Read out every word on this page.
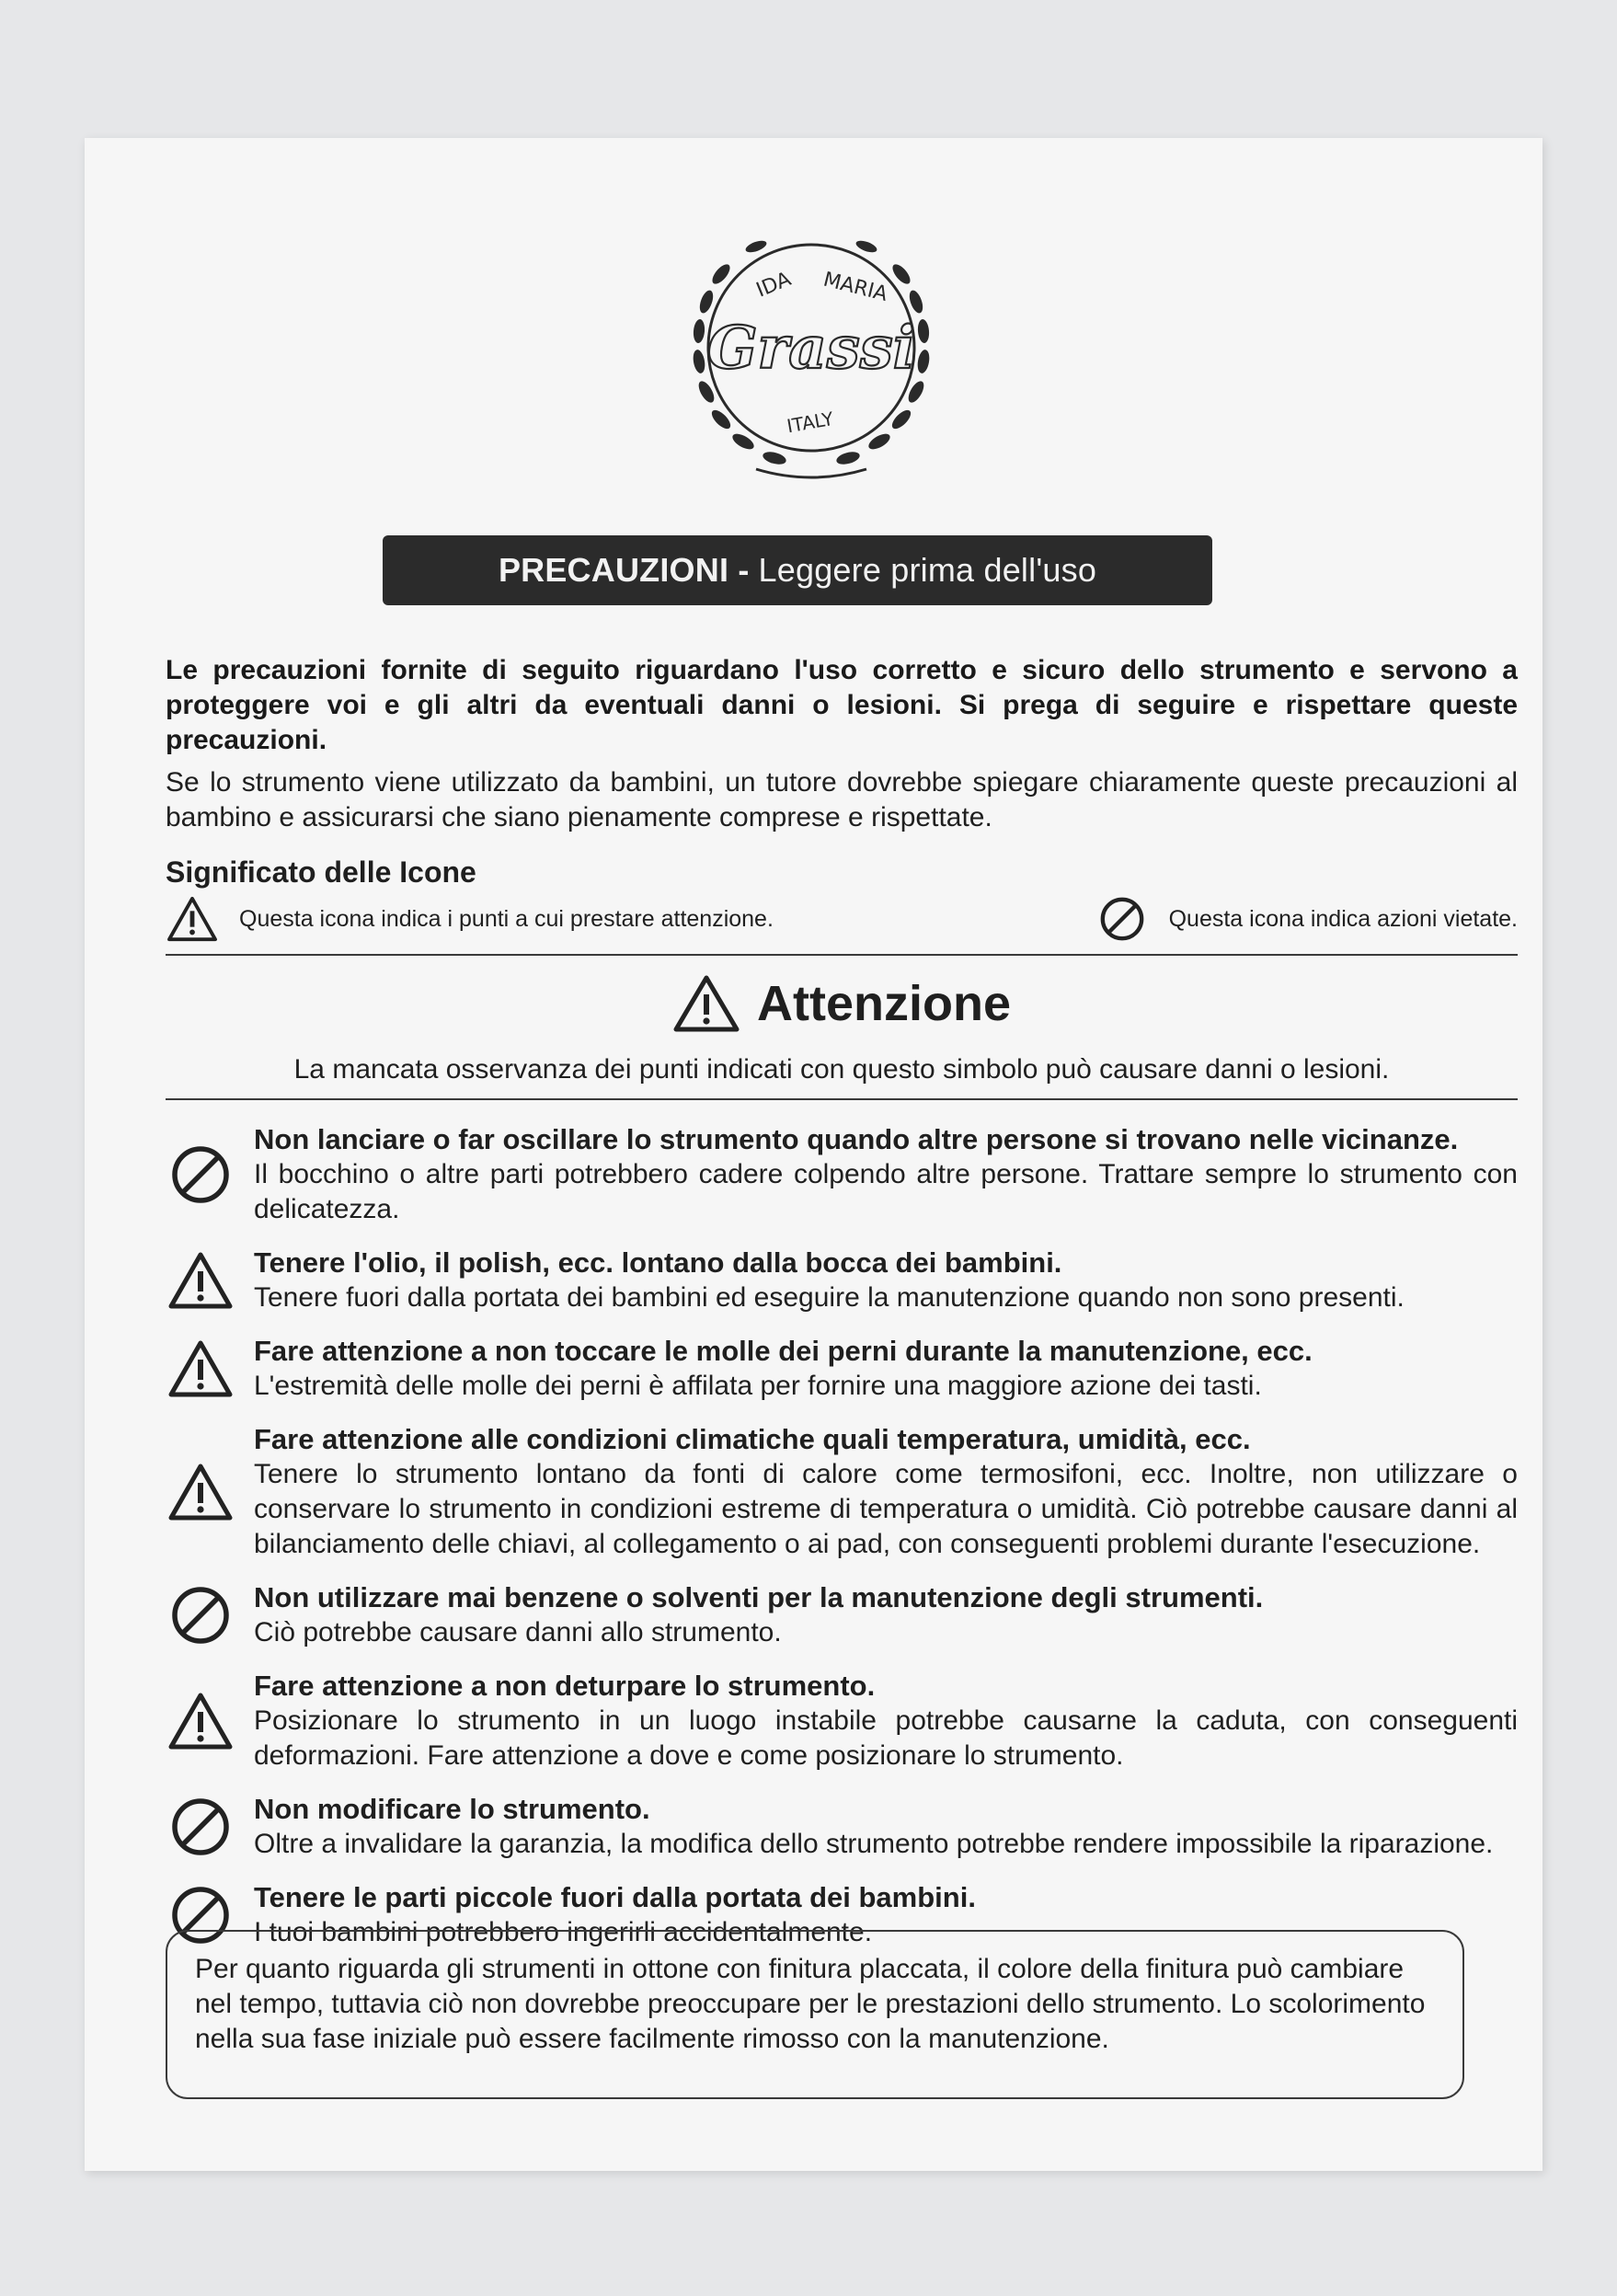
IDA MARIA
Grassi
ITALY
PRECAUZIONI - Leggere prima dell'uso

Le precauzioni fornite di seguito riguardano l'uso corretto e sicuro dello strumento e servono a proteggere voi e gli altri da eventuali danni o lesioni. Si prega di seguire e rispettare queste precauzioni.

Se lo strumento viene utilizzato da bambini, un tutore dovrebbe spiegare chiaramente queste precauzioni al bambino e assicurarsi che siano pienamente comprese e rispettate.

Significato delle Icone
Questa icona indica i punti a cui prestare attenzione.	Questa icona indica azioni vietate.
Attenzione
La mancata osservanza dei punti indicati con questo simbolo può causare danni o lesioni.
Non lanciare o far oscillare lo strumento quando altre persone si trovano nelle vicinanze.
Il bocchino o altre parti potrebbero cadere colpendo altre persone. Trattare sempre lo strumento con delicatezza.
Tenere l'olio, il polish, ecc. lontano dalla bocca dei bambini.
Tenere fuori dalla portata dei bambini ed eseguire la manutenzione quando non sono presenti.
Fare attenzione a non toccare le molle dei perni durante la manutenzione, ecc.
L'estremità delle molle dei perni è affilata per fornire una maggiore azione dei tasti.
Fare attenzione alle condizioni climatiche quali temperatura, umidità, ecc.
Tenere lo strumento lontano da fonti di calore come termosifoni, ecc. Inoltre, non utilizzare o conservare lo strumento in condizioni estreme di temperatura o umidità. Ciò potrebbe causare danni al bilanciamento delle chiavi, al collegamento o ai pad, con conseguenti problemi durante l'esecuzione.
Non utilizzare mai benzene o solventi per la manutenzione degli strumenti.
Ciò potrebbe causare danni allo strumento.
Fare attenzione a non deturpare lo strumento.
Posizionare lo strumento in un luogo instabile potrebbe causarne la caduta, con conseguenti deformazioni. Fare attenzione a dove e come posizionare lo strumento.
Non modificare lo strumento.
Oltre a invalidare la garanzia, la modifica dello strumento potrebbe rendere impossibile la riparazione.
Tenere le parti piccole fuori dalla portata dei bambini.
I tuoi bambini potrebbero ingerirli accidentalmente.
Per quanto riguarda gli strumenti in ottone con finitura placcata, il colore della finitura può cambiare nel tempo, tuttavia ciò non dovrebbe preoccupare per le prestazioni dello strumento. Lo scolorimento nella sua fase iniziale può essere facilmente rimosso con la manutenzione.
